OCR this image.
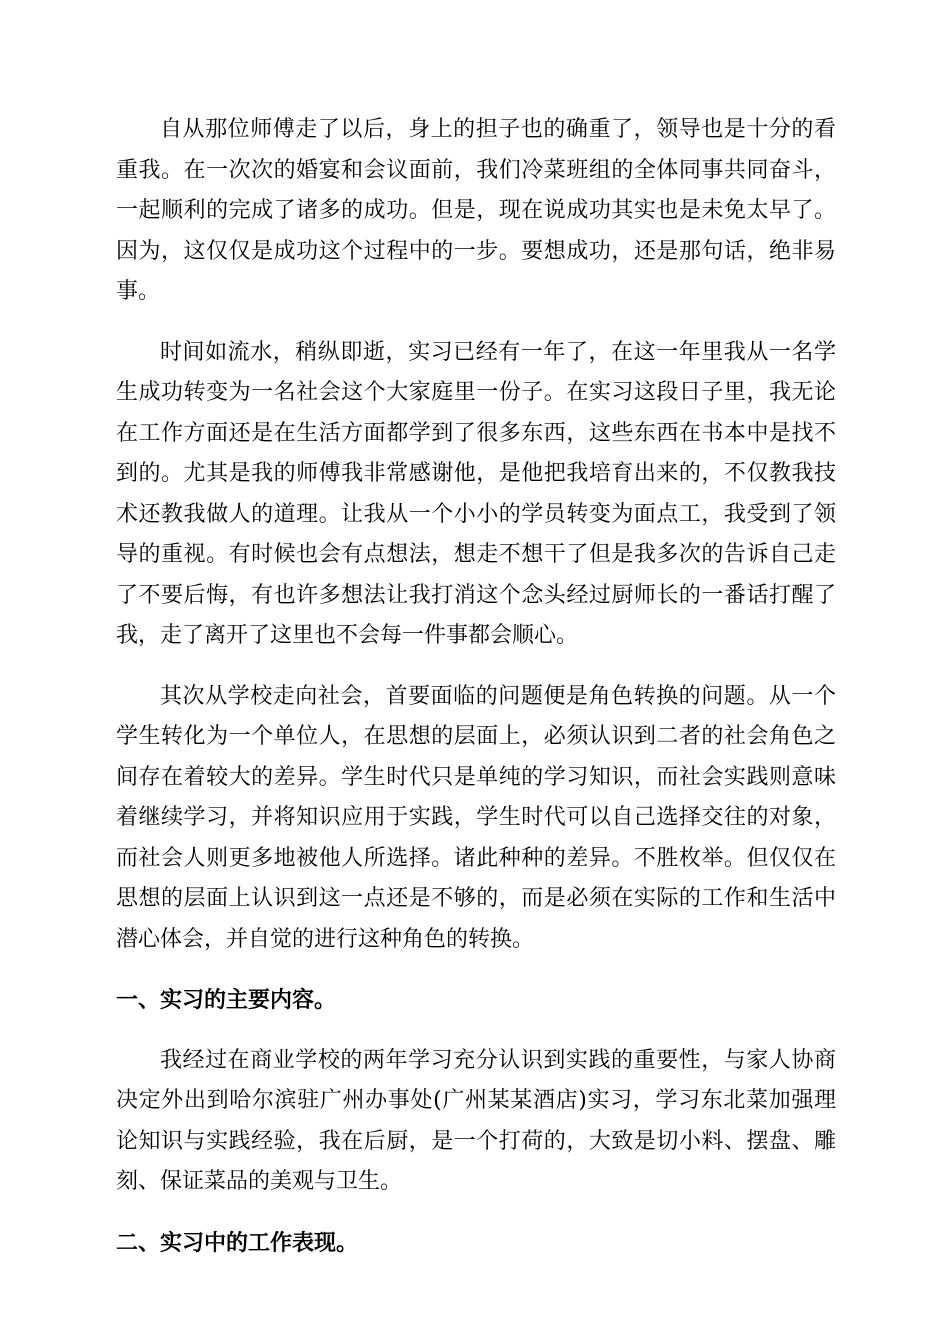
自从那位师傅走了以后，身上的担子也的确重了，领导也是十分的看重我。在一次次的婚宴和会议面前，我们冷菜班组的全体同事共同奋斗，一起顺利的完成了诸多的成功。但是，现在说成功其实也是未免太早了。因为，这仅仅是成功这个过程中的一步。要想成功，还是那句话，绝非易事。

时间如流水，稍纵即逝，实习已经有一年了，在这一年里我从一名学生成功转变为一名社会这个大家庭里一份子。在实习这段日子里，我无论在工作方面还是在生活方面都学到了很多东西，这些东西在书本中是找不到的。尤其是我的师傅我非常感谢他，是他把我培育出来的，不仅教我技术还教我做人的道理。让我从一个小小的学员转变为面点工，我受到了领导的重视。有时候也会有点想法，想走不想干了但是我多次的告诉自己走了不要后悔，有也许多想法让我打消这个念头经过厨师长的一番话打醒了我，走了离开了这里也不会每一件事都会顺心。

其次从学校走向社会，首要面临的问题便是角色转换的问题。从一个学生转化为一个单位人，在思想的层面上，必须认识到二者的社会角色之间存在着较大的差异。学生时代只是单纯的学习知识，而社会实践则意味着继续学习，并将知识应用于实践，学生时代可以自己选择交往的对象，而社会人则更多地被他人所选择。诸此种种的差异。不胜枚举。但仅仅在思想的层面上认识到这一点还是不够的，而是必须在实际的工作和生活中潜心体会，并自觉的进行这种角色的转换。

一、实习的主要内容。

我经过在商业学校的两年学习充分认识到实践的重要性，与家人协商决定外出到哈尔滨驻广州办事处(广州某某酒店)实习，学习东北菜加强理论知识与实践经验，我在后厨，是一个打荷的，大致是切小料、摆盘、雕刻、保证菜品的美观与卫生。

二、实习中的工作表现。
